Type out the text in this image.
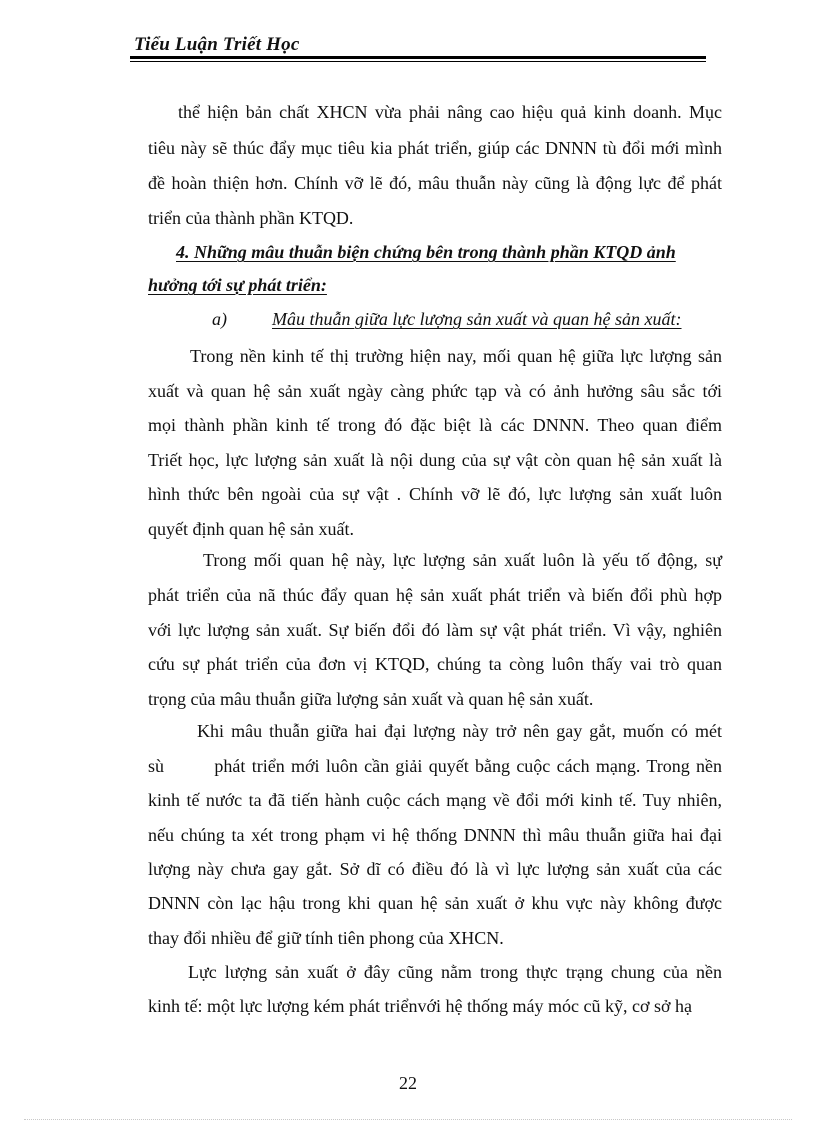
Tiểu Luận Triết Học

thể hiện bản chất XHCN vừa phải nâng cao hiệu quả kinh doanh. Mục

tiêu này sẽ thúc đẩy mục tiêu kia phát triển, giúp các DNNN tù đổi mới mình

đề hoàn thiện hơn. Chính vỡ lẽ đó, mâu thuẫn này cũng là động lực để phát

triển của thành phần KTQD.

4. Những mâu thuẫn biện chứng bên trong thành phần KTQD ảnh

hưởng tới sự phát triển:

a)	Mâu thuẫn giữa lực lượng sản xuất và quan hệ sản xuất:

Trong nền kinh tế thị trường hiện nay, mối quan hệ giữa lực lượng sản

xuất và quan hệ sản xuất ngày càng phức tạp và có ảnh hưởng sâu sắc tới

mọi thành phần kinh tế trong đó đặc biệt là các DNNN. Theo quan điểm

Triết học, lực lượng sản xuất là nội dung của sự vật còn quan hệ sản xuất là

hình thức bên ngoài của sự vật . Chính vỡ lẽ đó, lực lượng sản xuất luôn

quyết định quan hệ sản xuất.

Trong mối quan hệ này, lực lượng sản xuất luôn là yếu tố động, sự

phát triển của nã thúc đẩy quan hệ sản xuất phát triển và biến đổi phù hợp

với lực lượng sản xuất. Sự biến đổi đó làm sự vật phát triển. Vì vậy, nghiên

cứu sự phát triển của đơn vị KTQD, chúng ta còng luôn thấy vai trò quan

trọng của mâu thuẫn giữa lượng sản xuất và quan hệ sản xuất.

Khi mâu thuẫn giữa hai đại lượng này trở nên gay gắt, muốn có mét

sù        phát triển mới luôn cần giải quyết bằng cuộc cách mạng. Trong nền

kinh tế nước ta đã tiến hành cuộc cách mạng về đổi mới kinh tế. Tuy nhiên,

nếu chúng ta xét trong phạm vi hệ thống DNNN thì mâu thuẫn giữa hai đại

lượng này chưa gay gắt. Sở dĩ có điều đó là vì lực lượng sản xuất của các

DNNN còn lạc hậu trong khi quan hệ sản xuất ở khu vực này không được

thay đổi nhiều để giữ tính tiên phong của XHCN.

Lực lượng sản xuất ở đây cũng nằm trong thực trạng chung của nền

kinh tế: một lực lượng kém phát triểnvới hệ thống máy móc cũ kỹ, cơ sở hạ

22
